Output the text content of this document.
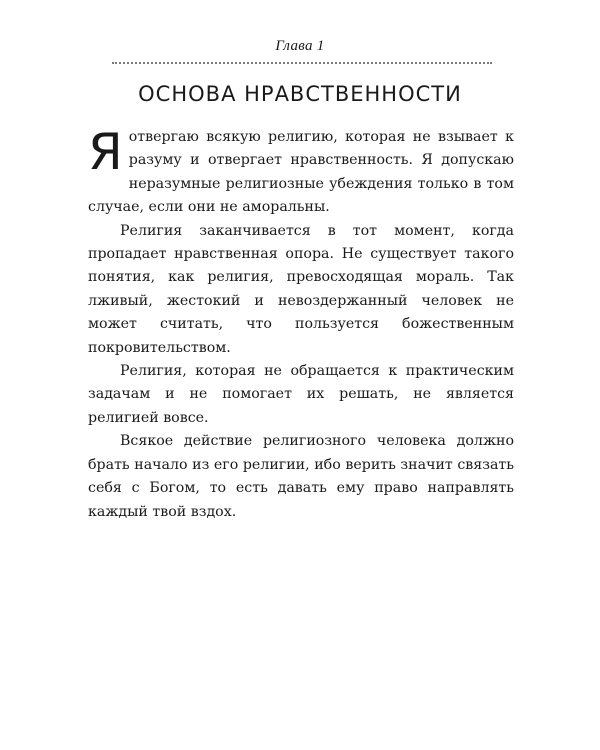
Глава 1
ОСНОВА НРАВСТВЕННОСТИ

Я отвергаю всякую религию, которая не взывает к разуму и отвергает нравственность. Я допускаю неразумные религиозные убеждения только в том случае, если они не аморальны.

Религия заканчивается в тот момент, когда пропадает нравственная опора. Не существует такого понятия, как религия, превосходящая мораль. Так лживый, жестокий и невоздержанный человек не может считать, что пользуется божественным покровительством.

Религия, которая не обращается к практическим задачам и не помогает их решать, не является религией вовсе.

Всякое действие религиозного человека должно брать начало из его религии, ибо верить значит связать себя с Богом, то есть давать ему право направлять каждый твой вздох.
